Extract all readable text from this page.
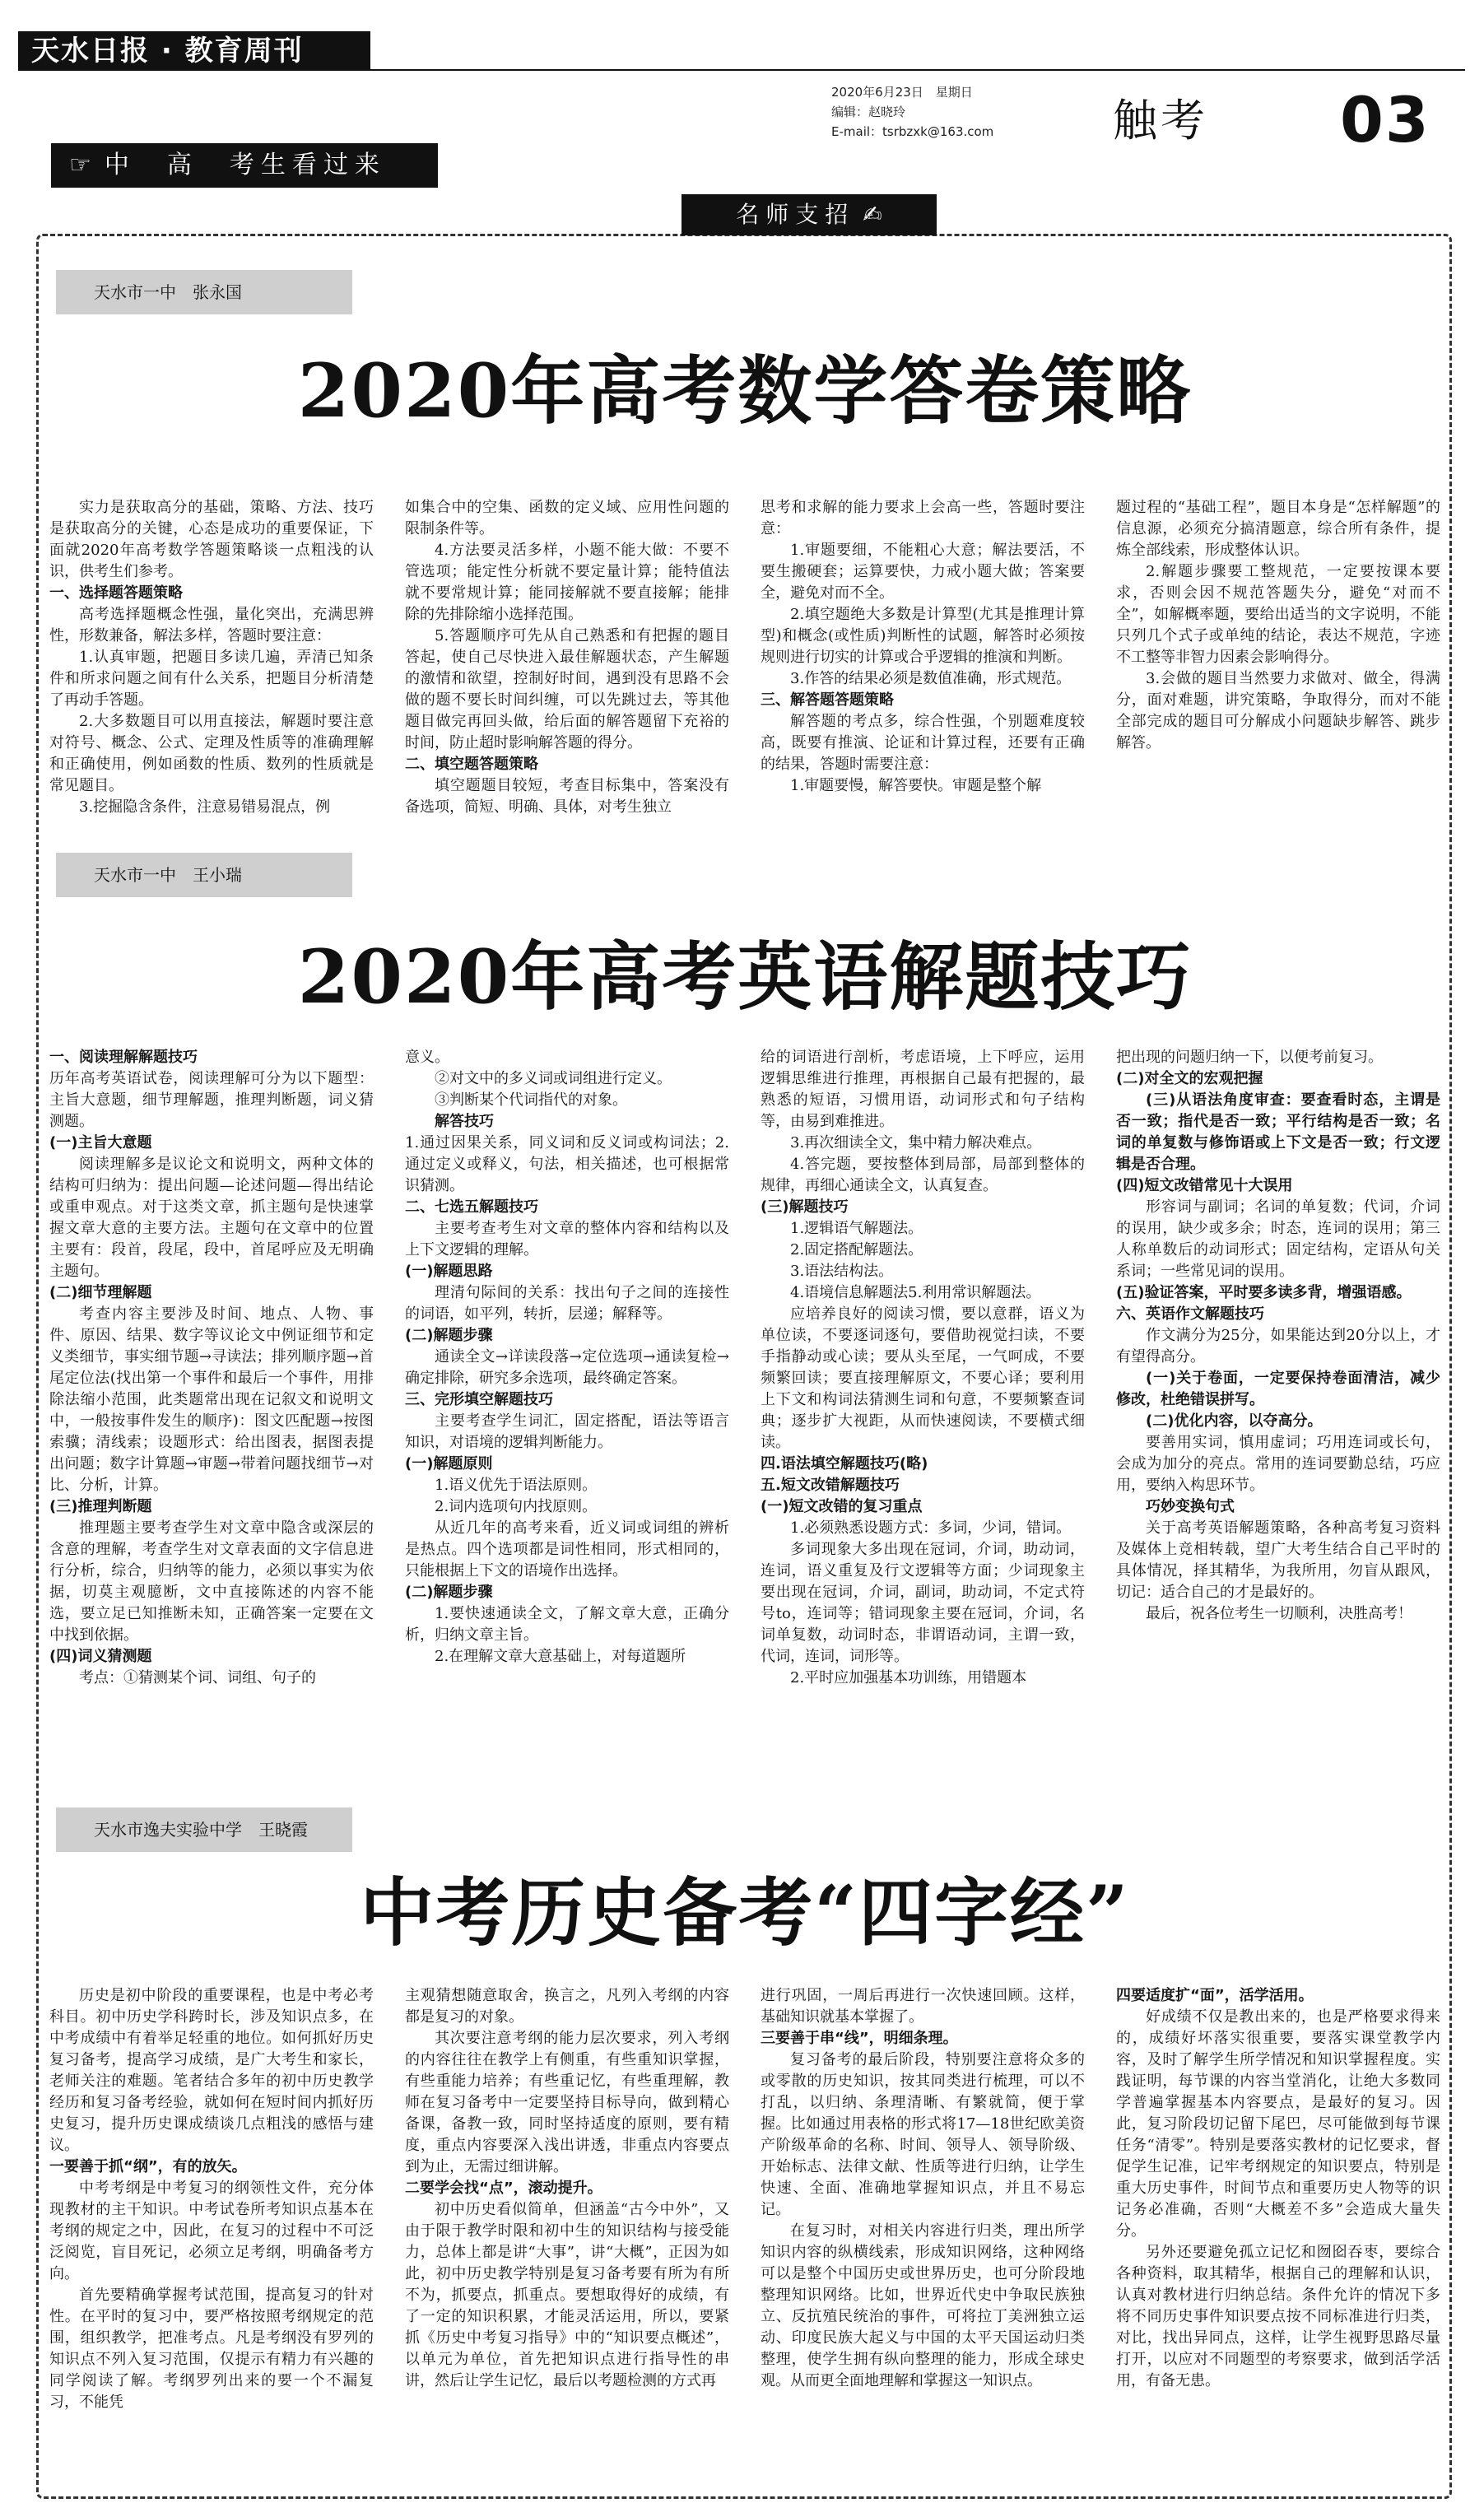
天水日报 · 教育周刊
2020年6月23日　星期日
编辑：赵晓玲
E-mail：tsrbzxk@163.com	触考 03
☞ 中　高　考生看过来
名师支招 ✍
天水市一中　张永国
2020年高考数学答卷策略

实力是获取高分的基础，策略、方法、技巧是获取高分的关键，心态是成功的重要保证，下面就2020年高考数学答题策略谈一点粗浅的认识，供考生们参考。

一、选择题答题策略

高考选择题概念性强，量化突出，充满思辨性，形数兼备，解法多样，答题时要注意：

1.认真审题，把题目多读几遍，弄清已知条件和所求问题之间有什么关系，把题目分析清楚了再动手答题。

2.大多数题目可以用直接法，解题时要注意对符号、概念、公式、定理及性质等的准确理解和正确使用，例如函数的性质、数列的性质就是常见题目。

3.挖掘隐含条件，注意易错易混点，例

如集合中的空集、函数的定义域、应用性问题的限制条件等。

4.方法要灵活多样，小题不能大做：不要不管选项；能定性分析就不要定量计算；能特值法就不要常规计算；能同接解就不要直接解；能排除的先排除缩小选择范围。

5.答题顺序可先从自己熟悉和有把握的题目答起，使自己尽快进入最佳解题状态，产生解题的激情和欲望，控制好时间，遇到没有思路不会做的题不要长时间纠缠，可以先跳过去，等其他题目做完再回头做，给后面的解答题留下充裕的时间，防止超时影响解答题的得分。

二、填空题答题策略

填空题题目较短，考查目标集中，答案没有备选项，简短、明确、具体，对考生独立

思考和求解的能力要求上会高一些，答题时要注意：

1.审题要细，不能粗心大意；解法要活，不要生搬硬套；运算要快，力戒小题大做；答案要全，避免对而不全。

2.填空题绝大多数是计算型(尤其是推理计算型)和概念(或性质)判断性的试题，解答时必须按规则进行切实的计算或合乎逻辑的推演和判断。

3.作答的结果必须是数值准确，形式规范。

三、解答题答题策略

解答题的考点多，综合性强，个别题难度较高，既要有推演、论证和计算过程，还要有正确的结果，答题时需要注意：

1.审题要慢，解答要快。审题是整个解

题过程的“基础工程”，题目本身是“怎样解题”的信息源，必须充分搞清题意，综合所有条件，提炼全部线索，形成整体认识。

2.解题步骤要工整规范，一定要按课本要求，否则会因不规范答题失分，避免“对而不全”，如解概率题，要给出适当的文字说明，不能只列几个式子或单纯的结论，表达不规范，字迹不工整等非智力因素会影响得分。

3.会做的题目当然要力求做对、做全，得满分，面对难题，讲究策略，争取得分，而对不能全部完成的题目可分解成小问题缺步解答、跳步解答。

天水市一中　王小瑞
2020年高考英语解题技巧

一、阅读理解解题技巧

历年高考英语试卷，阅读理解可分为以下题型：主旨大意题，细节理解题，推理判断题，词义猜测题。

(一)主旨大意题

阅读理解多是议论文和说明文，两种文体的结构可归纳为：提出问题—论述问题—得出结论或重申观点。对于这类文章，抓主题句是快速掌握文章大意的主要方法。主题句在文章中的位置主要有：段首，段尾，段中，首尾呼应及无明确主题句。

(二)细节理解题

考查内容主要涉及时间、地点、人物、事件、原因、结果、数字等议论文中例证细节和定义类细节，事实细节题→寻读法；排列顺序题→首尾定位法(找出第一个事件和最后一个事件，用排除法缩小范围，此类题常出现在记叙文和说明文中，一般按事件发生的顺序)：图文匹配题→按图索骥；清线索；设题形式：给出图表，据图表提出问题；数字计算题→审题→带着问题找细节→对比、分析，计算。

(三)推理判断题

推理题主要考查学生对文章中隐含或深层的含意的理解，考查学生对文章表面的文字信息进行分析，综合，归纳等的能力，必须以事实为依据，切莫主观臆断，文中直接陈述的内容不能选，要立足已知推断未知，正确答案一定要在文中找到依据。

(四)词义猜测题

考点：①猜测某个词、词组、句子的

意义。

②对文中的多义词或词组进行定义。

③判断某个代词指代的对象。

解答技巧

1.通过因果关系，同义词和反义词或构词法；2.通过定义或释义，句法，相关描述，也可根据常识猜测。

二、七选五解题技巧

主要考查考生对文章的整体内容和结构以及上下文逻辑的理解。

(一)解题思路

理清句际间的关系：找出句子之间的连接性的词语，如平列，转折，层递；解释等。

(二)解题步骤

通读全文→详读段落→定位选项→通读复检→确定排除，研究多余选项，最终确定答案。

三、完形填空解题技巧

主要考查学生词汇，固定搭配，语法等语言知识，对语境的逻辑判断能力。

(一)解题原则

1.语义优先于语法原则。

2.词内选项句内找原则。

从近几年的高考来看，近义词或词组的辨析是热点。四个选项都是词性相同，形式相同的，只能根据上下文的语境作出选择。

(二)解题步骤

1.要快速通读全文，了解文章大意，正确分析，归纳文章主旨。

2.在理解文章大意基础上，对每道题所

给的词语进行剖析，考虑语境，上下呼应，运用逻辑思维进行推理，再根据自己最有把握的，最熟悉的短语，习惯用语，动词形式和句子结构等，由易到难推进。

3.再次细读全文，集中精力解决难点。

4.答完题，要按整体到局部，局部到整体的规律，再细心通读全文，认真复查。

(三)解题技巧

1.逻辑语气解题法。

2.固定搭配解题法。

3.语法结构法。

4.语境信息解题法5.利用常识解题法。

应培养良好的阅读习惯，要以意群，语义为单位读，不要逐词逐句，要借助视觉扫读，不要手指静动或心读；要从头至尾，一气呵成，不要频繁回读；要直接理解原文，不要心译；要利用上下文和构词法猜测生词和句意，不要频繁查词典；逐步扩大视距，从而快速阅读，不要横式细读。

四.语法填空解题技巧(略)

五.短文改错解题技巧

(一)短文改错的复习重点

1.必须熟悉设题方式：多词，少词，错词。

多词现象大多出现在冠词，介词，助动词，连词，语义重复及行文逻辑等方面；少词现象主要出现在冠词，介词，副词，助动词，不定式符号to，连词等；错词现象主要在冠词，介词，名词单复数，动词时态，非谓语动词，主谓一致，代词，连词，词形等。

2.平时应加强基本功训练，用错题本

把出现的问题归纳一下，以便考前复习。

(二)对全文的宏观把握

(三)从语法角度审查：要查看时态，主谓是否一致；指代是否一致；平行结构是否一致；名词的单复数与修饰语或上下文是否一致；行文逻辑是否合理。

(四)短文改错常见十大误用

形容词与副词；名词的单复数；代词，介词的误用，缺少或多余；时态，连词的误用；第三人称单数后的动词形式；固定结构，定语从句关系词；一些常见词的误用。

(五)验证答案，平时要多读多背，增强语感。

六、英语作文解题技巧

作文满分为25分，如果能达到20分以上，才有望得高分。

(一)关于卷面，一定要保持卷面清洁，减少修改，杜绝错误拼写。

(二)优化内容，以夺高分。

要善用实词，慎用虚词；巧用连词或长句，会成为加分的亮点。常用的连词要勤总结，巧应用，要纳入构思环节。

巧妙变换句式

关于高考英语解题策略，各种高考复习资料及媒体上竞相转载，望广大考生结合自己平时的具体情况，择其精华，为我所用，勿盲从跟风，切记：适合自己的才是最好的。

最后，祝各位考生一切顺利，决胜高考！

天水市逸夫实验中学　王晓霞
中考历史备考“四字经”

历史是初中阶段的重要课程，也是中考必考科目。初中历史学科跨时长，涉及知识点多，在中考成绩中有着举足轻重的地位。如何抓好历史复习备考，提高学习成绩，是广大考生和家长，老师关注的难题。笔者结合多年的初中历史教学经历和复习备考经验，就如何在短时间内抓好历史复习，提升历史课成绩谈几点粗浅的感悟与建议。

一要善于抓“纲”，有的放矢。

中考考纲是中考复习的纲领性文件，充分体现教材的主干知识。中考试卷所考知识点基本在考纲的规定之中，因此，在复习的过程中不可泛泛阅览，盲目死记，必须立足考纲，明确备考方向。

首先要精确掌握考试范围，提高复习的针对性。在平时的复习中，要严格按照考纲规定的范围，组织教学，把准考点。凡是考纲没有罗列的知识点不列入复习范围，仅提示有精力有兴趣的同学阅读了解。考纲罗列出来的要一个不漏复习，不能凭

主观猜想随意取舍，换言之，凡列入考纲的内容都是复习的对象。

其次要注意考纲的能力层次要求，列入考纲的内容往往在教学上有侧重，有些重知识掌握，有些重能力培养；有些重记忆，有些重理解，教师在复习备考中一定要坚持目标导向，做到精心备课，备教一致，同时坚持适度的原则，要有精度，重点内容要深入浅出讲透，非重点内容要点到为止，无需过细讲解。

二要学会找“点”，滚动提升。

初中历史看似简单，但涵盖“古今中外”，又由于限于教学时限和初中生的知识结构与接受能力，总体上都是讲“大事”，讲“大概”，正因为如此，初中历史教学特别是复习备考要有所为有所不为，抓要点，抓重点。要想取得好的成绩，有了一定的知识积累，才能灵活运用，所以，要紧抓《历史中考复习指导》中的“知识要点概述”，以单元为单位，首先把知识点进行指导性的串讲，然后让学生记忆，最后以考题检测的方式再

进行巩固，一周后再进行一次快速回顾。这样，基础知识就基本掌握了。

三要善于串“线”，明细条理。

复习备考的最后阶段，特别要注意将众多的或零散的历史知识，按其同类进行梳理，可以不打乱，以归纳、条理清晰、有繁就简，便于掌握。比如通过用表格的形式将17—18世纪欧美资产阶级革命的名称、时间、领导人、领导阶级、开始标志、法律文献、性质等进行归纳，让学生快速、全面、准确地掌握知识点，并且不易忘记。

在复习时，对相关内容进行归类，理出所学知识内容的纵横线索，形成知识网络，这种网络可以是整个中国历史或世界历史，也可分阶段地整理知识网络。比如，世界近代史中争取民族独立、反抗殖民统治的事件，可将拉丁美洲独立运动、印度民族大起义与中国的太平天国运动归类整理，使学生拥有纵向整理的能力，形成全球史观。从而更全面地理解和掌握这一知识点。

四要适度扩“面”，活学活用。

好成绩不仅是教出来的，也是严格要求得来的，成绩好坏落实很重要，要落实课堂教学内容，及时了解学生所学情况和知识掌握程度。实践证明，每节课的内容当堂消化，让绝大多数同学普遍掌握基本内容要点，是最好的复习。因此，复习阶段切记留下尾巴，尽可能做到每节课任务“清零”。特别是要落实教材的记忆要求，督促学生记准，记牢考纲规定的知识要点，特别是重大历史事件，时间节点和重要历史人物等的识记务必准确，否则“大概差不多”会造成大量失分。

另外还要避免孤立记忆和囫囵吞枣，要综合各种资料，取其精华，根据自己的理解和认识，认真对教材进行归纳总结。条件允许的情况下多将不同历史事件知识要点按不同标准进行归类，对比，找出异同点，这样，让学生视野思路尽量打开，以应对不同题型的考察要求，做到活学活用，有备无患。
